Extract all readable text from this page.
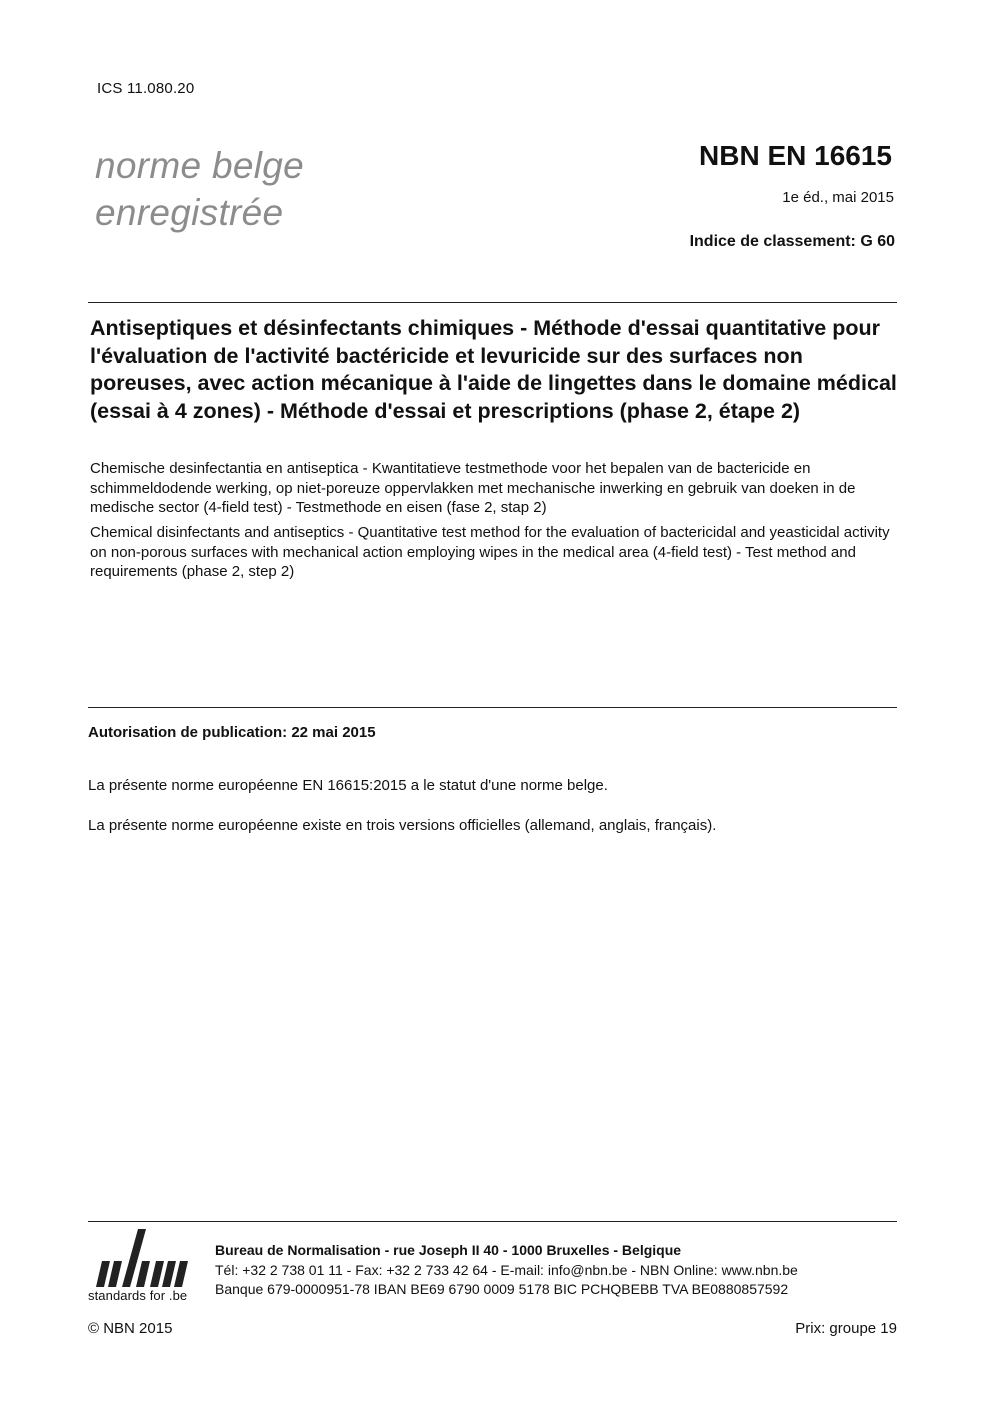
ICS 11.080.20
norme belge
enregistrée
NBN EN 16615
1e éd., mai 2015
Indice de classement: G 60
Antiseptiques et désinfectants chimiques - Méthode d'essai quantitative pour l'évaluation de l'activité bactéricide et levuricide sur des surfaces non poreuses, avec action mécanique à l'aide de lingettes dans le domaine médical (essai à 4 zones) - Méthode d'essai et prescriptions (phase 2, étape 2)
Chemische desinfectantia en antiseptica - Kwantitatieve testmethode voor het bepalen van de bactericide en schimmeldodende werking, op niet-poreuze oppervlakken met mechanische inwerking en gebruik van doeken in de medische sector (4-field test) - Testmethode en eisen (fase 2, stap 2)
Chemical disinfectants and antiseptics - Quantitative test method for the evaluation of bactericidal and yeasticidal activity on non-porous surfaces with mechanical action employing wipes in the medical area (4-field test) - Test method and requirements (phase 2, step 2)
Autorisation de publication: 22 mai 2015
La présente norme européenne EN 16615:2015 a le statut d'une norme belge.
La présente norme européenne existe en trois versions officielles (allemand, anglais, français).
standards for .be
Bureau de Normalisation - rue Joseph II 40 - 1000 Bruxelles - Belgique
Tél: +32 2 738 01 11 - Fax: +32 2 733 42 64 - E-mail: info@nbn.be - NBN Online: www.nbn.be
Banque 679-0000951-78 IBAN BE69 6790 0009 5178 BIC PCHQBEBB TVA BE0880857592
© NBN 2015	Prix: groupe 19
